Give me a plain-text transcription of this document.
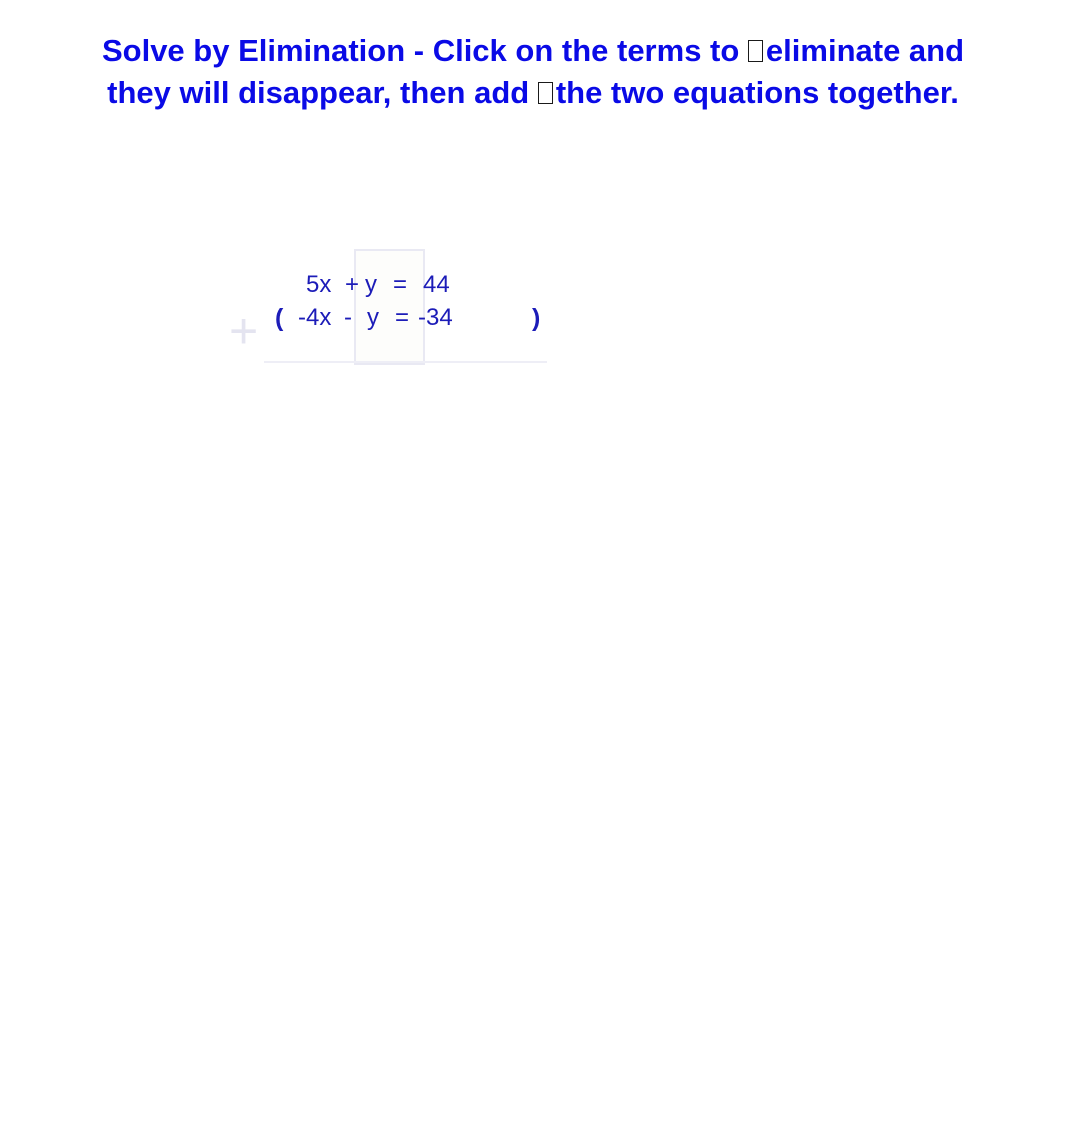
Solve by Elimination - Click on the terms to eliminate and
they will disappear, then add the two equations together.
+
5x + y = 44
( -4x - y = -34	)
